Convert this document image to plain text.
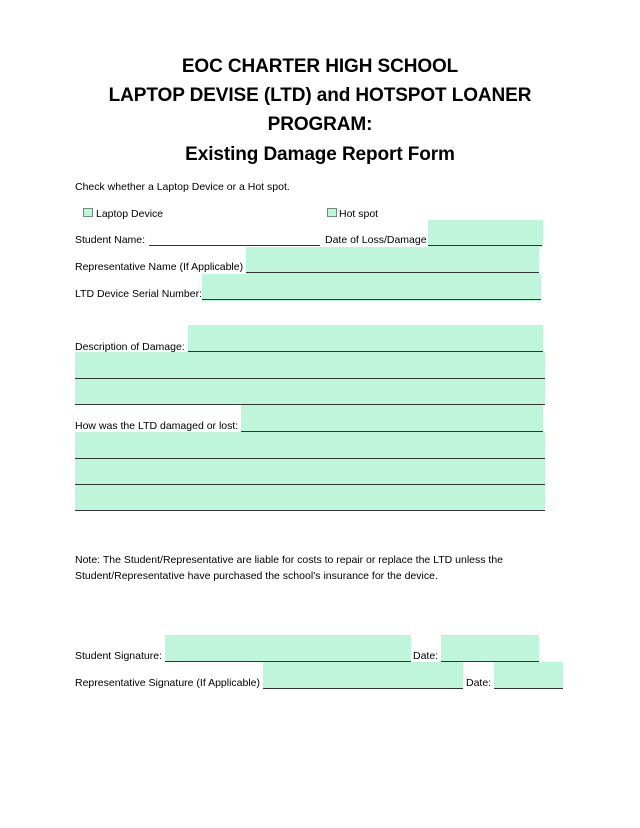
EOC CHARTER HIGH SCHOOL
LAPTOP DEVISE (LTD) and HOTSPOT LOANER
PROGRAM:
Existing Damage Report Form
Check whether a Laptop Device or a Hot spot.
Laptop Device	Hot spot
Student Name:	Date of Loss/Damage
Representative Name (If Applicable)
LTD Device Serial Number:
Description of Damage:
How was the LTD damaged or lost:
Note: The Student/Representative are liable for costs to repair or replace the LTD unless the
Student/Representative have purchased the school’s insurance for the device.
Student Signature:	Date:
Representative Signature (If Applicable)	Date:
